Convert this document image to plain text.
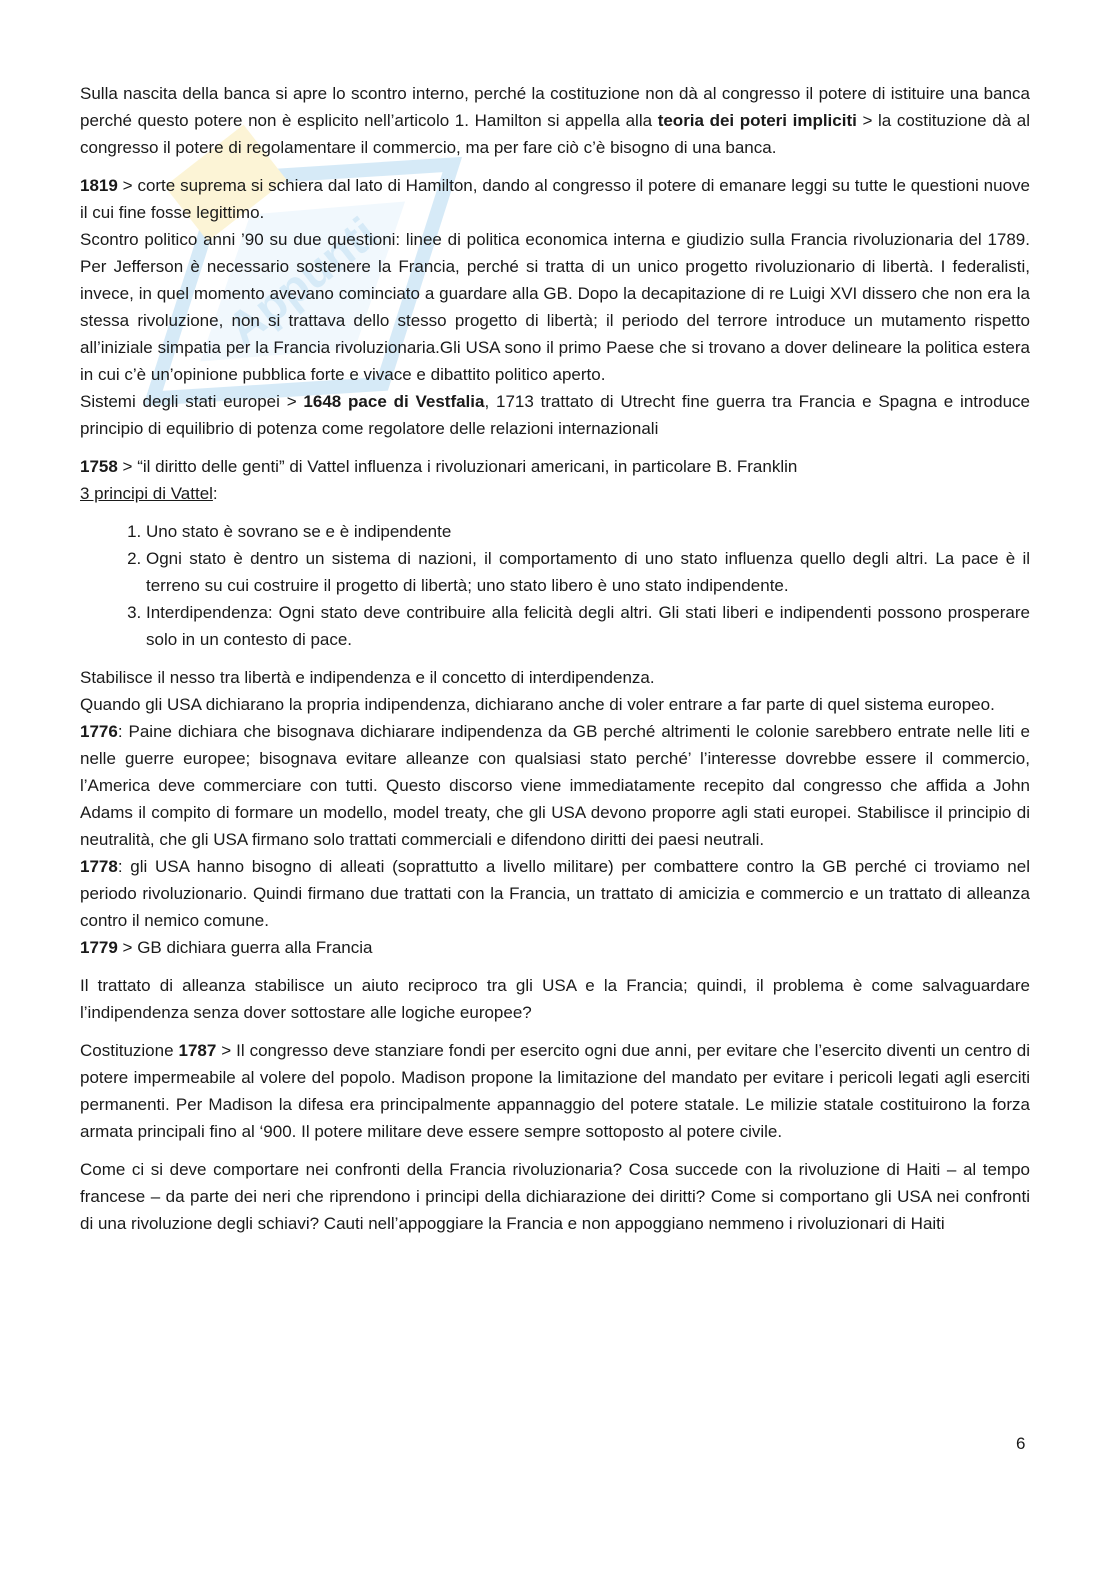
Appunti

Sulla nascita della banca si apre lo scontro interno, perché la costituzione non dà al congresso il potere di istituire una banca perché questo potere non è esplicito nell’articolo 1. Hamilton si appella alla teoria dei poteri impliciti > la costituzione dà al congresso il potere di regolamentare il commercio, ma per fare ciò c’è bisogno di una banca.

1819 > corte suprema si schiera dal lato di Hamilton, dando al congresso il potere di emanare leggi su tutte le questioni nuove il cui fine fosse legittimo.

Scontro politico anni ’90 su due questioni: linee di politica economica interna e giudizio sulla Francia rivoluzionaria del 1789. Per Jefferson è necessario sostenere la Francia, perché si tratta di un unico progetto rivoluzionario di libertà. I federalisti, invece, in quel momento avevano cominciato a guardare alla GB. Dopo la decapitazione di re Luigi XVI dissero che non era la stessa rivoluzione, non si trattava dello stesso progetto di libertà; il periodo del terrore introduce un mutamento rispetto all’iniziale simpatia per la Francia rivoluzionaria.Gli USA sono il primo Paese che si trovano a dover delineare la politica estera in cui c’è un’opinione pubblica forte e vivace e dibattito politico aperto.

Sistemi degli stati europei > 1648 pace di Vestfalia, 1713 trattato di Utrecht fine guerra tra Francia e Spagna e introduce principio di equilibrio di potenza come regolatore delle relazioni internazionali

1758 > “il diritto delle genti” di Vattel influenza i rivoluzionari americani, in particolare B. Franklin

3 principi di Vattel:

1. Uno stato è sovrano se e è indipendente
2. Ogni stato è dentro un sistema di nazioni, il comportamento di uno stato influenza quello degli altri. La pace è il terreno su cui costruire il progetto di libertà; uno stato libero è uno stato indipendente.
3. Interdipendenza: Ogni stato deve contribuire alla felicità degli altri. Gli stati liberi e indipendenti possono prosperare solo in un contesto di pace.

Stabilisce il nesso tra libertà e indipendenza e il concetto di interdipendenza.

Quando gli USA dichiarano la propria indipendenza, dichiarano anche di voler entrare a far parte di quel sistema europeo.

1776: Paine dichiara che bisognava dichiarare indipendenza da GB perché altrimenti le colonie sarebbero entrate nelle liti e nelle guerre europee; bisognava evitare alleanze con qualsiasi stato perché’ l’interesse dovrebbe essere il commercio, l’America deve commerciare con tutti. Questo discorso viene immediatamente recepito dal congresso che affida a John Adams il compito di formare un modello, model treaty, che gli USA devono proporre agli stati europei. Stabilisce il principio di neutralità, che gli USA firmano solo trattati commerciali e difendono diritti dei paesi neutrali.

1778: gli USA hanno bisogno di alleati (soprattutto a livello militare) per combattere contro la GB perché ci troviamo nel periodo rivoluzionario. Quindi firmano due trattati con la Francia, un trattato di amicizia e commercio e un trattato di alleanza contro il nemico comune.

1779 > GB dichiara guerra alla Francia

Il trattato di alleanza stabilisce un aiuto reciproco tra gli USA e la Francia; quindi, il problema è come salvaguardare l’indipendenza senza dover sottostare alle logiche europee?

Costituzione 1787 > Il congresso deve stanziare fondi per esercito ogni due anni, per evitare che l’esercito diventi un centro di potere impermeabile al volere del popolo. Madison propone la limitazione del mandato per evitare i pericoli legati agli eserciti permanenti. Per Madison la difesa era principalmente appannaggio del potere statale. Le milizie statale costituirono la forza armata principali fino al ‘900. Il potere militare deve essere sempre sottoposto al potere civile.

Come ci si deve comportare nei confronti della Francia rivoluzionaria? Cosa succede con la rivoluzione di Haiti – al tempo francese – da parte dei neri che riprendono i principi della dichiarazione dei diritti? Come si comportano gli USA nei confronti di una rivoluzione degli schiavi? Cauti nell’appoggiare la Francia e non appoggiano nemmeno i rivoluzionari di Haiti

6
